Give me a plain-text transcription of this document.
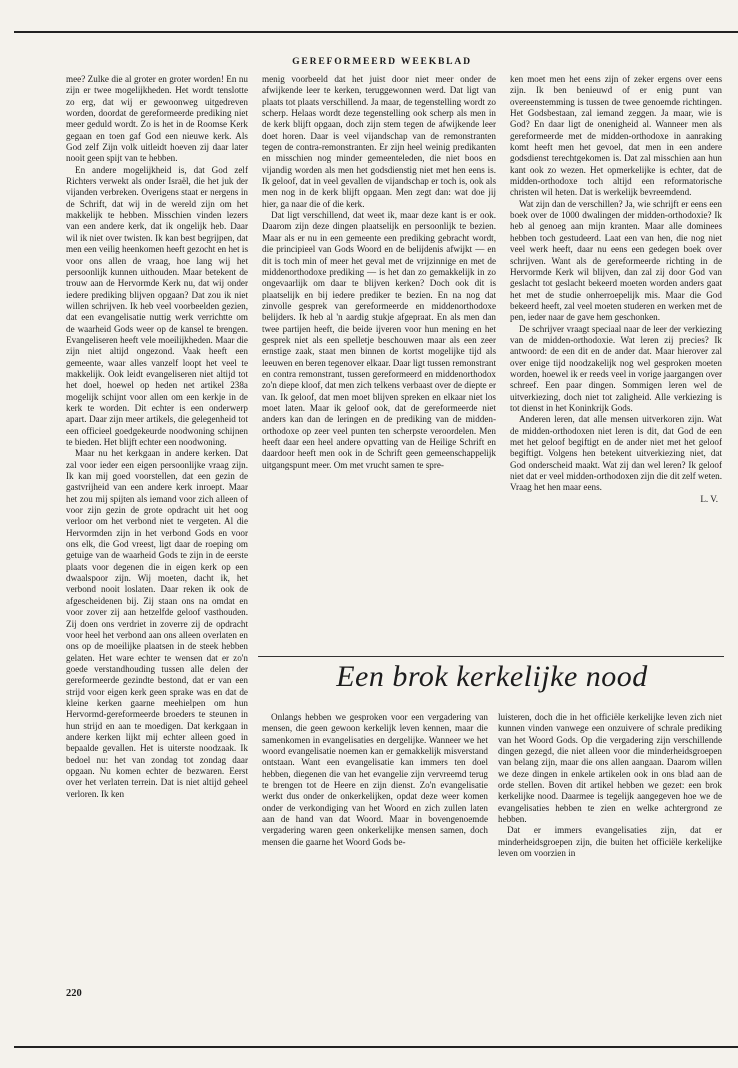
GEREFORMEERD WEEKBLAD

mee? Zulke die al groter en groter worden! En nu zijn er twee mogelijkheden. Het wordt tenslotte zo erg, dat wij er gewoonweg uitgedreven worden, doordat de gereformeerde prediking niet meer geduld wordt. Zo is het in de Roomse Kerk gegaan en toen gaf God een nieuwe kerk. Als God zelf Zijn volk uitleidt hoeven zij daar later nooit geen spijt van te hebben.

En andere mogelijkheid is, dat God zelf Richters verwekt als onder Israël, die het juk der vijanden verbreken. Overigens staat er nergens in de Schrift, dat wij in de wereld zijn om het makkelijk te hebben. Misschien vinden lezers van een andere kerk, dat ik ongelijk heb. Daar wil ik niet over twisten. Ik kan best begrijpen, dat men een veilig heenkomen heeft gezocht en het is voor ons allen de vraag, hoe lang wij het persoonlijk kunnen uithouden. Maar betekent de trouw aan de Hervormde Kerk nu, dat wij onder iedere prediking blijven opgaan? Dat zou ik niet willen schrijven. Ik heb veel voorbeelden gezien, dat een evangelisatie nuttig werk verrichtte om de waarheid Gods weer op de kansel te brengen. Evangeliseren heeft vele moeilijkheden. Maar die zijn niet altijd ongezond. Vaak heeft een gemeente, waar alles vanzelf loopt het veel te makkelijk. Ook leidt evangeliseren niet altijd tot het doel, hoewel op heden net artikel 238a mogelijk schijnt voor allen om een kerkje in de kerk te worden. Dit echter is een onderwerp apart. Daar zijn meer artikels, die gelegenheid tot een officieel goedgekeurde noodwoning schijnen te bieden. Het blijft echter een noodwoning.

Maar nu het kerkgaan in andere kerken. Dat zal voor ieder een eigen persoonlijke vraag zijn. Ik kan mij goed voorstellen, dat een gezin de gastvrijheid van een andere kerk inroept. Maar het zou mij spijten als iemand voor zich alleen of voor zijn gezin de grote opdracht uit het oog verloor om het verbond niet te vergeten. Al die Hervormden zijn in het verbond Gods en voor ons elk, die God vreest, ligt daar de roeping om getuige van de waarheid Gods te zijn in de eerste plaats voor degenen die in eigen kerk op een dwaalspoor zijn. Wij moeten, dacht ik, het verbond nooit loslaten. Daar reken ik ook de afgescheidenen bij. Zij staan ons na omdat en voor zover zij aan hetzelfde geloof vasthouden. Zij doen ons verdriet in zoverre zij de opdracht voor heel het verbond aan ons alleen overlaten en ons op de moeilijke plaatsen in de steek hebben gelaten. Het ware echter te wensen dat er zo'n goede verstandhouding tussen alle delen der gereformeerde gezindte bestond, dat er van een strijd voor eigen kerk geen sprake was en dat de kleine kerken gaarne meehielpen om hun Hervormd-gereformeerde broeders te steunen in hun strijd en aan te moedigen. Dat kerkgaan in andere kerken lijkt mij echter alleen goed in bepaalde gevallen. Het is uiterste noodzaak. Ik bedoel nu: het van zondag tot zondag daar opgaan. Nu komen echter de bezwaren. Eerst over het verlaten terrein. Dat is niet altijd geheel verloren. Ik ken

menig voorbeeld dat het juist door niet meer onder de afwijkende leer te kerken, teruggewonnen werd. Dat ligt van plaats tot plaats verschillend. Ja maar, de tegenstelling wordt zo scherp. Helaas wordt deze tegenstelling ook scherp als men in de kerk blijft opgaan, doch zijn stem tegen de afwijkende leer doet horen. Daar is veel vijandschap van de remonstranten tegen de contra-remonstranten. Er zijn heel weinig predikanten en misschien nog minder gemeenteleden, die niet boos en vijandig worden als men het godsdienstig niet met hen eens is. Ik geloof, dat in veel gevallen de vijandschap er toch is, ook als men nog in de kerk blijft opgaan. Men zegt dan: wat doe jij hier, ga naar die of die kerk.

Dat ligt verschillend, dat weet ik, maar deze kant is er ook. Daarom zijn deze dingen plaatselijk en persoonlijk te bezien. Maar als er nu in een gemeente een prediking gebracht wordt, die principieel van Gods Woord en de belijdenis afwijkt — en dit is toch min of meer het geval met de vrijzinnige en met de middenorthodoxe prediking — is het dan zo gemakkelijk in zo ongevaarlijk om daar te blijven kerken? Doch ook dit is plaatselijk en bij iedere prediker te bezien. En na nog dat zinvolle gesprek van gereformeerde en middenorthodoxe belijders. Ik heb al 'n aardig stukje afgepraat. En als men dan twee partijen heeft, die beide ijveren voor hun mening en het gesprek niet als een spelletje beschouwen maar als een zeer ernstige zaak, staat men binnen de kortst mogelijke tijd als leeuwen en beren tegenover elkaar. Daar ligt tussen remonstrant en contra remonstrant, tussen gereformeerd en middenorthodox zo'n diepe kloof, dat men zich telkens verbaast over de diepte er van. Ik geloof, dat men moet blijven spreken en elkaar niet los moet laten. Maar ik geloof ook, dat de gereformeerde niet anders kan dan de leringen en de prediking van de midden-orthodoxe op zeer veel punten ten scherpste veroordelen. Men heeft daar een heel andere opvatting van de Heilige Schrift en daardoor heeft men ook in de Schrift geen gemeenschappelijk uitgangspunt meer. Om met vrucht samen te spre-

ken moet men het eens zijn of zeker ergens over eens zijn. Ik ben benieuwd of er enig punt van overeenstemming is tussen de twee genoemde richtingen. Het Godsbestaan, zal iemand zeggen. Ja maar, wie is God? En daar ligt de onenigheid al. Wanneer men als gereformeerde met de midden-orthodoxe in aanraking komt heeft men het gevoel, dat men in een andere godsdienst terechtgekomen is. Dat zal misschien aan hun kant ook zo wezen. Het opmerkelijke is echter, dat de midden-orthodoxe toch altijd een reformatorische christen wil heten. Dat is werkelijk bevreemdend.

Wat zijn dan de verschillen? Ja, wie schrijft er eens een boek over de 1000 dwalingen der midden-orthodoxie? Ik heb al genoeg aan mijn kranten. Maar alle dominees hebben toch gestudeerd. Laat een van hen, die nog niet veel werk heeft, daar nu eens een gedegen boek over schrijven. Want als de gereformeerde richting in de Hervormde Kerk wil blijven, dan zal zij door God van geslacht tot geslacht bekeerd moeten worden anders gaat het met de studie onherroepelijk mis. Maar die God bekeerd heeft, zal veel moeten studeren en werken met de pen, ieder naar de gave hem geschonken.

De schrijver vraagt speciaal naar de leer der verkiezing van de midden-orthodoxie. Wat leren zij precies? Ik antwoord: de een dit en de ander dat. Maar hierover zal over enige tijd noodzakelijk nog wel gesproken moeten worden, hoewel ik er reeds veel in vorige jaargangen over schreef. Een paar dingen. Sommigen leren wel de uitverkiezing, doch niet tot zaligheid. Alle verkiezing is tot dienst in het Koninkrijk Gods.

Anderen leren, dat alle mensen uitverkoren zijn. Wat de midden-orthodoxen niet leren is dit, dat God de een met het geloof begiftigt en de ander niet met het geloof begiftigt. Volgens hen betekent uitverkiezing niet, dat God onderscheid maakt. Wat zij dan wel leren? Ik geloof niet dat er veel midden-orthodoxen zijn die dit zelf weten. Vraag het hen maar eens.

L. V.
Een brok kerkelijke nood

Onlangs hebben we gesproken voor een vergadering van mensen, die geen gewoon kerkelijk leven kennen, maar die samenkomen in evangelisaties en dergelijke. Wanneer we het woord evangelisatie noemen kan er gemakkelijk misverstand ontstaan. Want een evangelisatie kan immers ten doel hebben, diegenen die van het evangelie zijn vervreemd terug te brengen tot de Heere en zijn dienst. Zo'n evangelisatie werkt dus onder de onkerkelijken, opdat deze weer komen onder de verkondiging van het Woord en zich zullen laten aan de hand van dat Woord. Maar in bovengenoemde vergadering waren geen onkerkelijke mensen samen, doch mensen die gaarne het Woord Gods be-

luisteren, doch die in het officiële kerkelijke leven zich niet kunnen vinden vanwege een onzuivere of schrale prediking van het Woord Gods. Op die vergadering zijn verschillende dingen gezegd, die niet alleen voor die minderheidsgroepen van belang zijn, maar die ons allen aangaan. Daarom willen we deze dingen in enkele artikelen ook in ons blad aan de orde stellen. Boven dit artikel hebben we gezet: een brok kerkelijke nood. Daarmee is tegelijk aangegeven hoe we de evangelisaties hebben te zien en welke achtergrond ze hebben.

Dat er immers evangelisaties zijn, dat er minderheidsgroepen zijn, die buiten het officiële kerkelijke leven om voorzien in

220
